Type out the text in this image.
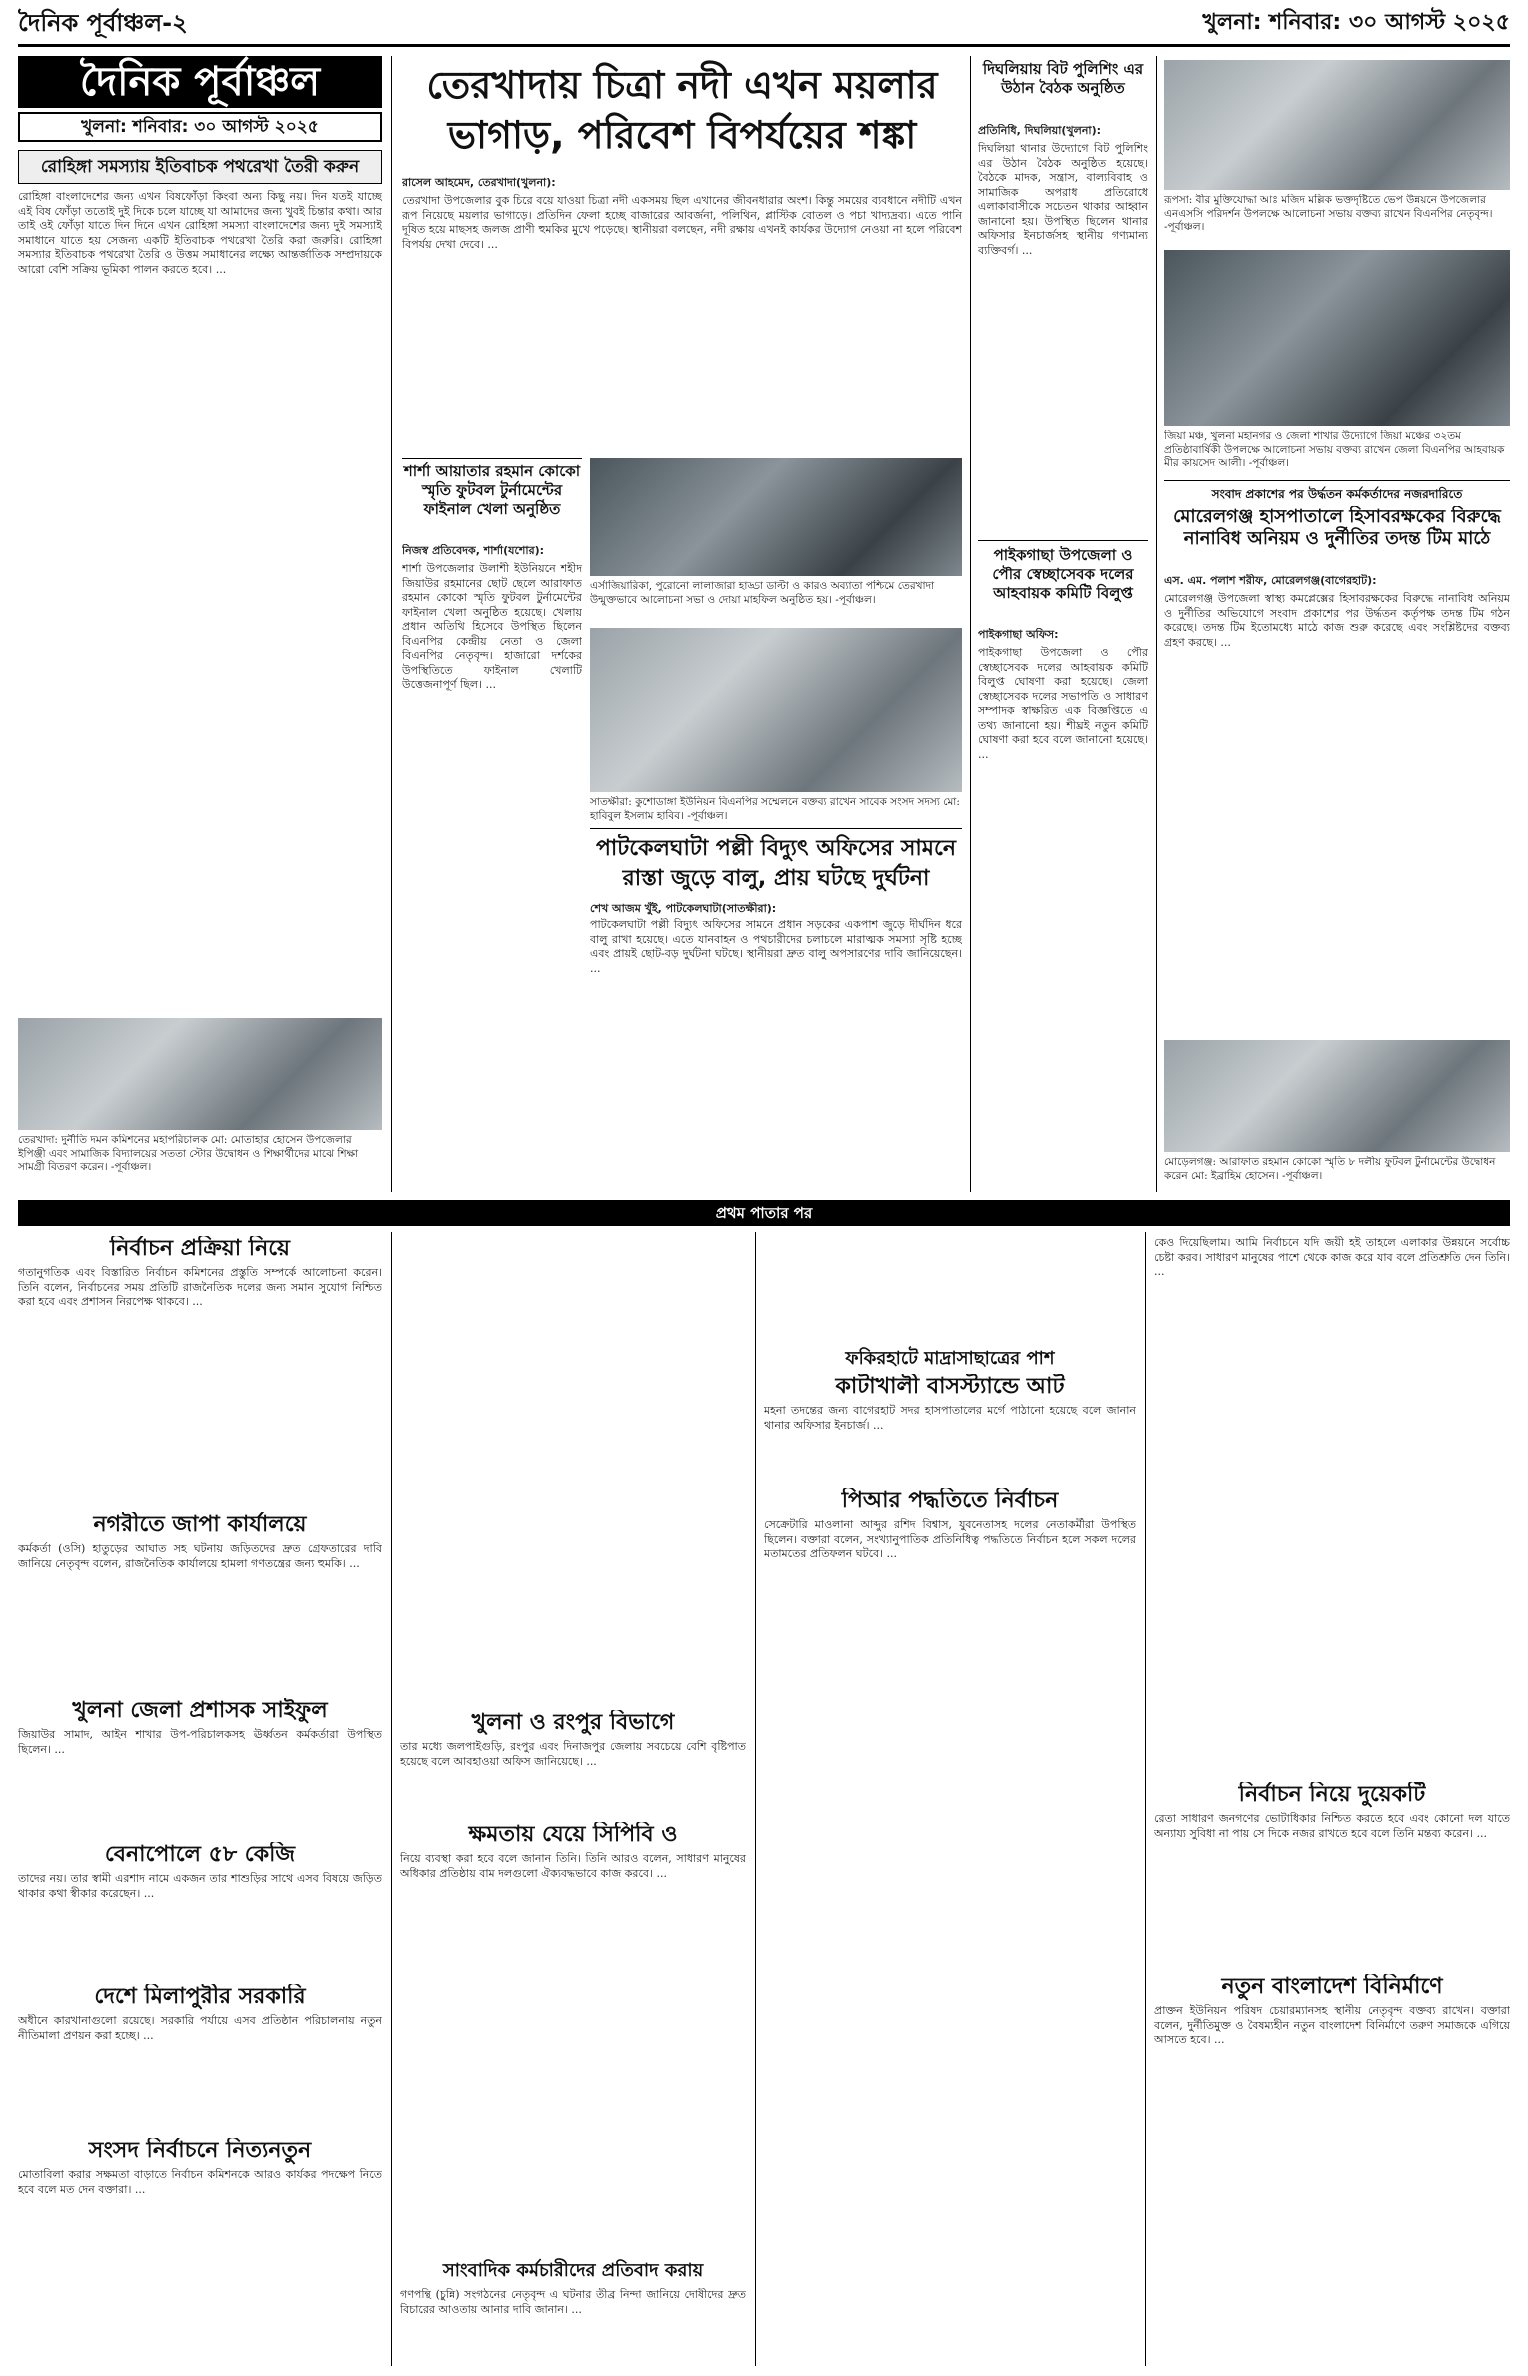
দৈনিক পূর্বাঞ্চল-২	খুলনা: শনিবার: ৩০ আগস্ট ২০২৫
দৈনিক পূর্বাঞ্চল
খুলনা: শনিবার: ৩০ আগস্ট ২০২৫
রোহিঙ্গা সমস্যায় ইতিবাচক পথরেখা তৈরী করুন
রোহিঙ্গা বাংলাদেশের জন্য এখন বিষফোঁড়া কিংবা অন্য কিছু নয়। দিন যতই যাচ্ছে এই বিষ ফোঁড়া ততোই দুই দিকে চলে যাচ্ছে যা আমাদের জন্য খুবই চিন্তার কথা। আর তাই ওই ফোঁড়া যাতে দিন দিনে এখন রোহিঙ্গা সমস্যা বাংলাদেশের জন্য দুই সমস্যাই সমাধানে যাতে হয় সেজন্য একটি ইতিবাচক পথরেখা তৈরি করা জরুরি। রোহিঙ্গা সমস্যার ইতিবাচক পথরেখা তৈরি ও উত্তম সমাধানের লক্ষ্যে আন্তর্জাতিক সম্প্রদায়কে আরো বেশি সক্রিয় ভূমিকা পালন করতে হবে। ...
তেরখাদা: দুর্নীতি দমন কমিশনের মহাপরিচালক মো: মোতাহার হোসেন উপজেলার ইপিঞ্জী এবং সামাজিক বিদ্যালয়ের সততা স্টোর উদ্বোধন ও শিক্ষার্থীদের মাঝে শিক্ষা সামগ্রী বিতরণ করেন। -পূর্বাঞ্চল।
তেরখাদায় চিত্রা নদী এখন ময়লার ভাগাড়, পরিবেশ বিপর্যয়ের শঙ্কা
রাসেল আহমেদ, তেরখাদা(খুলনা):
তেরখাদা উপজেলার বুক চিরে বয়ে যাওয়া চিত্রা নদী একসময় ছিল এখানের জীবনধারার অংশ। কিন্তু সময়ের ব্যবধানে নদীটি এখন রূপ নিয়েছে ময়লার ভাগাড়ে। প্রতিদিন ফেলা হচ্ছে বাজারের আবর্জনা, পলিথিন, প্লাস্টিক বোতল ও পচা খাদ্যদ্রব্য। এতে পানি দূষিত হয়ে মাছসহ জলজ প্রাণী হুমকির মুখে পড়েছে। স্থানীয়রা বলছেন, নদী রক্ষায় এখনই কার্যকর উদ্যোগ নেওয়া না হলে পরিবেশ বিপর্যয় দেখা দেবে। ...
শার্শা আয়াতার রহমান কোকো স্মৃতি ফুটবল টুর্নামেন্টের ফাইনাল খেলা অনুষ্ঠিত
নিজস্ব প্রতিবেদক, শার্শা(যশোর):
শার্শা উপজেলার উলাশী ইউনিয়নে শহীদ জিয়াউর রহমানের ছোট ছেলে আরাফাত রহমান কোকো স্মৃতি ফুটবল টুর্নামেন্টের ফাইনাল খেলা অনুষ্ঠিত হয়েছে। খেলায় প্রধান অতিথি হিসেবে উপস্থিত ছিলেন বিএনপির কেন্দ্রীয় নেতা ও জেলা বিএনপির নেতৃবৃন্দ। হাজারো দর্শকের উপস্থিতিতে ফাইনাল খেলাটি উত্তেজনাপূর্ণ ছিল। ...
এর্সাজিয়ারিকা, পুরোনো লালাজারা হাড্ডা ডাল্টা ও কারও অব্যাতা পশ্চিমে তেরখাদা উন্মুক্তভাবে আলোচনা সভা ও দোয়া মাহফিল অনুষ্ঠিত হয়। -পূর্বাঞ্চল।
সাতক্ষীরা: কুশোডাঙ্গা ইউনিয়ন বিএনপির সম্মেলনে বক্তব্য রাখেন সাবেক সংসদ সদস্য মো: হাবিবুল ইসলাম হাবিব। -পূর্বাঞ্চল।
পাটকেলঘাটা পল্লী বিদ্যুৎ অফিসের সামনে রাস্তা জুড়ে বালু, প্রায় ঘটছে দুর্ঘটনা
শেখ আজম খুঁই, পাটকেলঘাটা(সাতক্ষীরা):
পাটকেলঘাটা পল্লী বিদ্যুৎ অফিসের সামনে প্রধান সড়কের একপাশ জুড়ে দীর্ঘদিন ধরে বালু রাখা হয়েছে। এতে যানবাহন ও পথচারীদের চলাচলে মারাত্মক সমস্যা সৃষ্টি হচ্ছে এবং প্রায়ই ছোট-বড় দুর্ঘটনা ঘটছে। স্থানীয়রা দ্রুত বালু অপসারণের দাবি জানিয়েছেন। ...
দিঘলিয়ায় বিট পুলিশিং এর উঠান বৈঠক অনুষ্ঠিত
প্রতিনিধি, দিঘলিয়া(খুলনা):
দিঘলিয়া থানার উদ্যোগে বিট পুলিশিং এর উঠান বৈঠক অনুষ্ঠিত হয়েছে। বৈঠকে মাদক, সন্ত্রাস, বাল্যবিবাহ ও সামাজিক অপরাধ প্রতিরোধে এলাকাবাসীকে সচেতন থাকার আহ্বান জানানো হয়। উপস্থিত ছিলেন থানার অফিসার ইনচার্জসহ স্থানীয় গণ্যমান্য ব্যক্তিবর্গ। ...
পাইকগাছা উপজেলা ও পৌর স্বেচ্ছাসেবক দলের আহবায়ক কমিটি বিলুপ্ত
পাইকগাছা অফিস:
পাইকগাছা উপজেলা ও পৌর স্বেচ্ছাসেবক দলের আহবায়ক কমিটি বিলুপ্ত ঘোষণা করা হয়েছে। জেলা স্বেচ্ছাসেবক দলের সভাপতি ও সাধারণ সম্পাদক স্বাক্ষরিত এক বিজ্ঞপ্তিতে এ তথ্য জানানো হয়। শীঘ্রই নতুন কমিটি ঘোষণা করা হবে বলে জানানো হয়েছে। ...
রূপসা: বীর মুক্তিযোদ্ধা আঃ মজিদ মল্লিক ভক্তদৃষ্টিতে ভেপ উন্নয়নে উপজেলার এনএসসি পরিদর্শন উপলক্ষে আলোচনা সভায় বক্তব্য রাখেন বিএনপির নেতৃবৃন্দ। -পূর্বাঞ্চল।
জিয়া মঞ্চ, খুলনা মহানগর ও জেলা শাখার উদ্যোগে জিয়া মঞ্চের ৩২তম প্রতিষ্ঠাবার্ষিকী উপলক্ষে আলোচনা সভায় বক্তব্য রাখেন জেলা বিএনপির আহবায়ক মীর কায়সেদ আলী। -পূর্বাঞ্চল।
সংবাদ প্রকাশের পর উর্দ্ধতন কর্মকর্তাদের নজরদারিতে
মোরেলগঞ্জ হাসপাতালে হিসাবরক্ষকের বিরুদ্ধে নানাবিধ অনিয়ম ও দুর্নীতির তদন্ত টিম মাঠে
এস. এম. পলাশ শরীফ, মোরেলগঞ্জ(বাগেরহাট):
মোরেলগঞ্জ উপজেলা স্বাস্থ্য কমপ্লেক্সের হিসাবরক্ষকের বিরুদ্ধে নানাবিধ অনিয়ম ও দুর্নীতির অভিযোগে সংবাদ প্রকাশের পর উর্দ্ধতন কর্তৃপক্ষ তদন্ত টিম গঠন করেছে। তদন্ত টিম ইতোমধ্যে মাঠে কাজ শুরু করেছে এবং সংশ্লিষ্টদের বক্তব্য গ্রহণ করছে। ...
মোড়েলগঞ্জ: আরাফাত রহমান কোকো স্মৃতি ৮ দলীয় ফুটবল টুর্নামেন্টের উদ্বোধন করেন মো: ইব্রাহিম হোসেন। -পূর্বাঞ্চল।
প্রথম পাতার পর
নির্বাচন প্রক্রিয়া নিয়ে
গতানুগতিক এবং বিস্তারিত নির্বাচন কমিশনের প্রস্তুতি সম্পর্কে আলোচনা করেন। তিনি বলেন, নির্বাচনের সময় প্রতিটি রাজনৈতিক দলের জন্য সমান সুযোগ নিশ্চিত করা হবে এবং প্রশাসন নিরপেক্ষ থাকবে। ...
নগরীতে জাপা কার্যালয়ে
কর্মকর্তা (ওসি) হাতুড়ের আঘাত সহ ঘটনায় জড়িতদের দ্রুত গ্রেফতারের দাবি জানিয়ে নেতৃবৃন্দ বলেন, রাজনৈতিক কার্যালয়ে হামলা গণতন্ত্রের জন্য হুমকি। ...
খুলনা জেলা প্রশাসক সাইফুল
জিয়াউর সামাদ, আইন শাখার উপ-পরিচালকসহ ঊর্ধ্বতন কর্মকর্তারা উপস্থিত ছিলেন। ...
বেনাপোলে ৫৮ কেজি
তাদের নয়। তার স্বামী এরশাদ নামে একজন তার শাশুড়ির সাথে এসব বিষয়ে জড়িত থাকার কথা স্বীকার করেছেন। ...
দেশে মিলাপুরীর সরকারি
অধীনে কারখানাগুলো রয়েছে। সরকারি পর্যায়ে এসব প্রতিষ্ঠান পরিচালনায় নতুন নীতিমালা প্রণয়ন করা হচ্ছে। ...
সংসদ নির্বাচনে নিত্যনতুন
মোতাবিলা করার সক্ষমতা বাড়াতে নির্বাচন কমিশনকে আরও কার্যকর পদক্ষেপ নিতে হবে বলে মত দেন বক্তারা। ...
খুলনা ও রংপুর বিভাগে
তার মধ্যে জলপাইগুড়ি, রংপুর এবং দিনাজপুর জেলায় সবচেয়ে বেশি বৃষ্টিপাত হয়েছে বলে আবহাওয়া অফিস জানিয়েছে। ...
ক্ষমতায় যেয়ে সিপিবি ও
নিয়ে ব্যবস্থা করা হবে বলে জানান তিনি। তিনি আরও বলেন, সাধারণ মানুষের অধিকার প্রতিষ্ঠায় বাম দলগুলো ঐক্যবদ্ধভাবে কাজ করবে। ...
সাংবাদিক কর্মচারীদের প্রতিবাদ করায়
গণপন্থি (চুন্নি) সংগঠনের নেতৃবৃন্দ এ ঘটনার তীব্র নিন্দা জানিয়ে দোষীদের দ্রুত বিচারের আওতায় আনার দাবি জানান। ...
ফকিরহাটে মাদ্রাসাছাত্রের পাশ
কাটাখালী বাসস্ট্যান্ডে আট
মহনা তদন্তের জন্য বাগেরহাট সদর হাসপাতালের মর্গে পাঠানো হয়েছে বলে জানান থানার অফিসার ইনচার্জ। ...
পিআর পদ্ধতিতে নির্বাচন
সেক্রেটারি মাওলানা আব্দুর রশিদ বিশ্বাস, যুবনেতাসহ দলের নেতাকর্মীরা উপস্থিত ছিলেন। বক্তারা বলেন, সংখ্যানুপাতিক প্রতিনিধিত্ব পদ্ধতিতে নির্বাচন হলে সকল দলের মতামতের প্রতিফলন ঘটবে। ...
কেও দিয়েছিলাম। আমি নির্বাচনে যদি জয়ী হই তাহলে এলাকার উন্নয়নে সর্বোচ্চ চেষ্টা করব। সাধারণ মানুষের পাশে থেকে কাজ করে যাব বলে প্রতিশ্রুতি দেন তিনি। ...
নির্বাচন নিয়ে দুয়েকটি
রেতা সাধারণ জনগণের ভোটাধিকার নিশ্চিত করতে হবে এবং কোনো দল যাতে অন্যায্য সুবিধা না পায় সে দিকে নজর রাখতে হবে বলে তিনি মন্তব্য করেন। ...
নতুন বাংলাদেশ বিনির্মাণে
প্রাক্তন ইউনিয়ন পরিষদ চেয়ারম্যানসহ স্থানীয় নেতৃবৃন্দ বক্তব্য রাখেন। বক্তারা বলেন, দুর্নীতিমুক্ত ও বৈষম্যহীন নতুন বাংলাদেশ বিনির্মাণে তরুণ সমাজকে এগিয়ে আসতে হবে। ...
